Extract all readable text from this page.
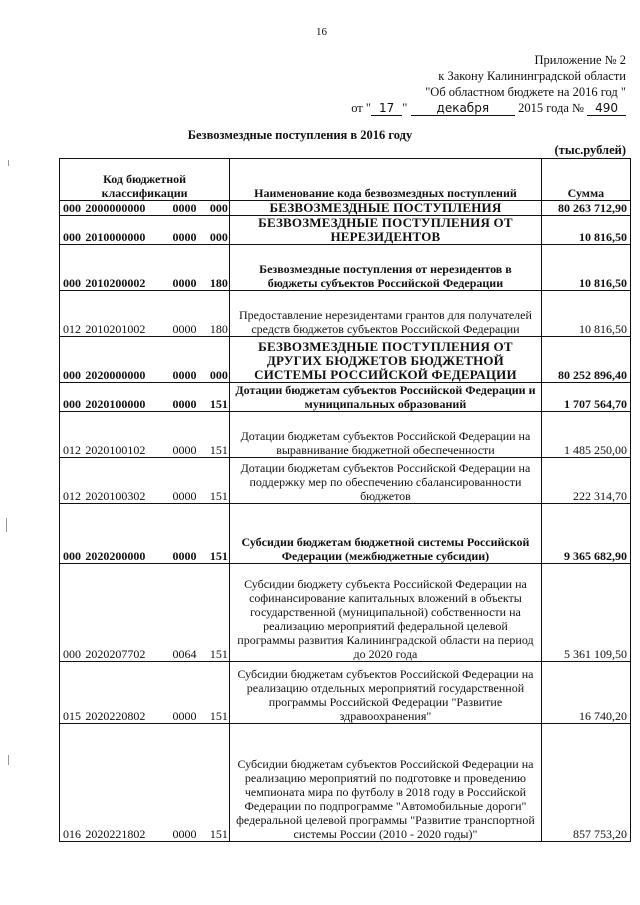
16
Приложение № 2
к Закону Калининградской области
"Об областном бюджете на 2016 год "
от " 17 " декабря 2015 года № 490
Безвозмездные поступления в 2016 году
(тыс.рублей)
Код бюджетной классификации				Наименование кода безвозмездных поступлений	Сумма
000	2000000000	0000	000	БЕЗВОЗМЕЗДНЫЕ ПОСТУПЛЕНИЯ	80 263 712,90
000	2010000000	0000	000	БЕЗВОЗМЕЗДНЫЕ ПОСТУПЛЕНИЯ ОТ НЕРЕЗИДЕНТОВ	10 816,50
000	2010200002	0000	180	Безвозмездные поступления от нерезидентов в бюджеты субъектов Российской Федерации	10 816,50
012	2010201002	0000	180	Предоставление нерезидентами грантов для получателей средств бюджетов субъектов Российской Федерации	10 816,50
000	2020000000	0000	000	БЕЗВОЗМЕЗДНЫЕ ПОСТУПЛЕНИЯ ОТ ДРУГИХ БЮДЖЕТОВ БЮДЖЕТНОЙ СИСТЕМЫ РОССИЙСКОЙ ФЕДЕРАЦИИ	80 252 896,40
000	2020100000	0000	151	Дотации бюджетам субъектов Российской Федерации и муниципальных образований	1 707 564,70
012	2020100102	0000	151	Дотации бюджетам субъектов Российской Федерации на выравнивание бюджетной обеспеченности	1 485 250,00
012	2020100302	0000	151	Дотации бюджетам субъектов Российской Федерации на поддержку мер по обеспечению сбалансированности бюджетов	222 314,70
000	2020200000	0000	151	Субсидии бюджетам бюджетной системы Российской Федерации (межбюджетные субсидии)	9 365 682,90
000	2020207702	0064	151	Субсидии бюджету субъекта Российской Федерации на софинансирование капитальных вложений в объекты государственной (муниципальной) собственности на реализацию мероприятий федеральной целевой программы развития Калининградской области на период до 2020 года	5 361 109,50
015	2020220802	0000	151	Субсидии бюджетам субъектов Российской Федерации на реализацию отдельных мероприятий государственной программы Российской Федерации "Развитие здравоохранения"	16 740,20
016	2020221802	0000	151	Субсидии бюджетам субъектов Российской Федерации на реализацию мероприятий по подготовке и проведению чемпионата мира по футболу в 2018 году в Российской Федерации по подпрограмме "Автомобильные дороги" федеральной целевой программы "Развитие транспортной системы России (2010 - 2020 годы)"	857 753,20
